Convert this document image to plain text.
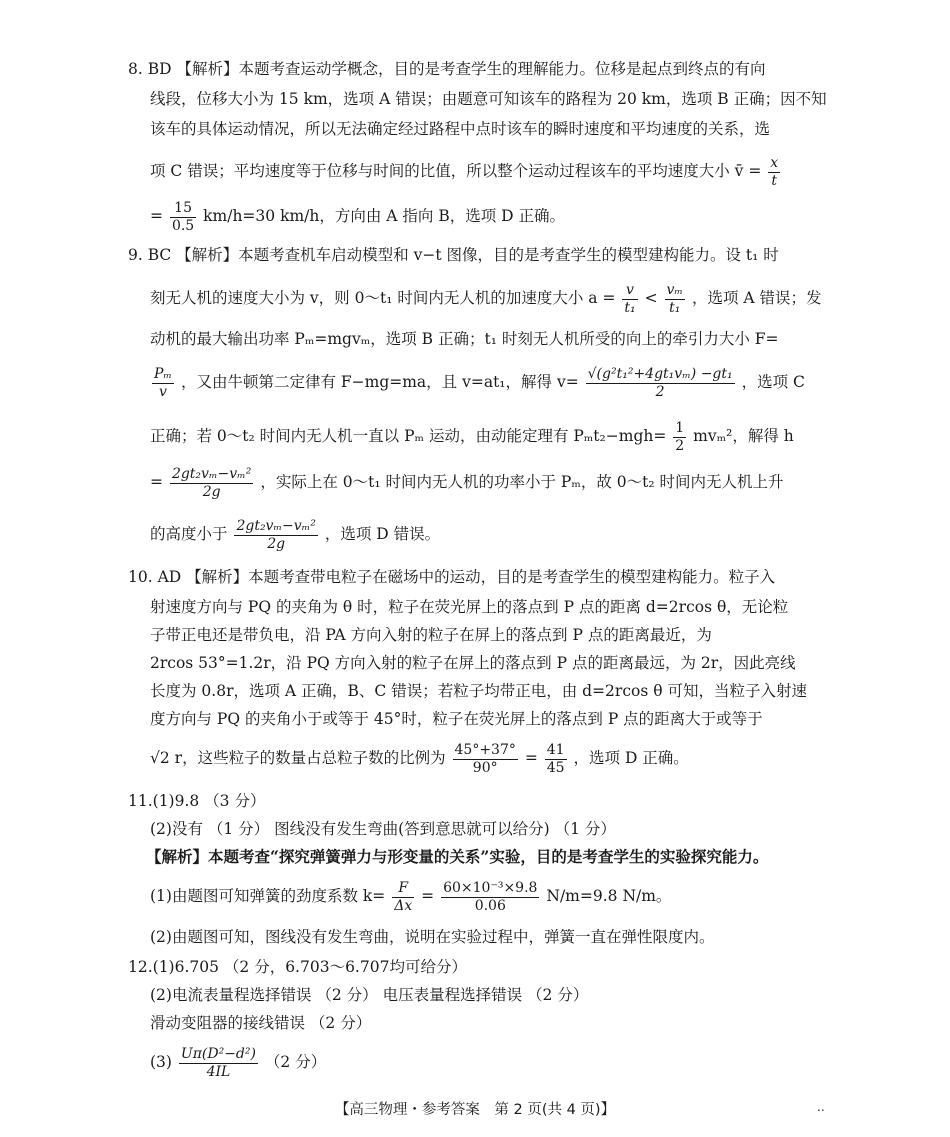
8. BD 【解析】本题考查运动学概念，目的是考查学生的理解能力。位移是起点到终点的有向
线段，位移大小为 15 km，选项 A 错误；由题意可知该车的路程为 20 km，选项 B 正确；因不知
该车的具体运动情况，所以无法确定经过路程中点时该车的瞬时速度和平均速度的关系，选
项 C 错误；平均速度等于位移与时间的比值，所以整个运动过程该车的平均速度大小 v̄ = $\frac{x}{t}$
= $\frac{15}{0.5} km/h=30$ km/h，方向由 A 指向 B，选项 D 正确。
9. BC 【解析】本题考查机车启动模型和 v−t 图像，目的是考查学生的模型建构能力。设 t₁ 时
刻无人机的速度大小为 v，则 0～t₁ 时间内无人机的加速度大小 $a = \frac{v}{\text{t₁}} < \frac{\text{vₘ}}{\text{t₁}}$ ，选项 A 错误；发
动机的最大输出功率 Pₘ=mgvₘ，选项 B 正确；t₁ 时刻无人机所受的向上的牵引力大小 F=
$\frac{\text{Pₘ}}{v}$ ，又由牛顿第二定律有 F−mg=ma，且 v=at₁，解得 $v= \frac{\text{√(g²t₁²+4gt₁vₘ) −gt₁}}{2}$ ，选项 C
正确；若 0～t₂ 时间内无人机一直以 Pₘ 运动，由动能定理有 $P_mt_2-mgh= \frac{1}{2} mv_m^2$，解得 h
= $\frac{\text{2gt₂vₘ−vₘ²}}{2g}$ ，实际上在 0～t₁ 时间内无人机的功率小于 Pₘ，故 0～t₂ 时间内无人机上升
的高度小于 $\frac{\text{2gt₂vₘ−vₘ²}}{2g}$ ，选项 D 错误。
10. AD 【解析】本题考查带电粒子在磁场中的运动，目的是考查学生的模型建构能力。粒子入
射速度方向与 PQ 的夹角为 θ 时，粒子在荧光屏上的落点到 P 点的距离 d=2rcos θ，无论粒
子带正电还是带负电，沿 PA 方向入射的粒子在屏上的落点到 P 点的距离最近，为
2rcos 53°=1.2r，沿 PQ 方向入射的粒子在屏上的落点到 P 点的距离最远，为 2r，因此亮线
长度为 0.8r，选项 A 正确，B、C 错误；若粒子均带正电，由 d=2rcos θ 可知，当粒子入射速
度方向与 PQ 的夹角小于或等于 45°时，粒子在荧光屏上的落点到 P 点的距离大于或等于
√2 r，这些粒子的数量占总粒子数的比例为 $\frac{45^\circ+37^\circ}{90^\circ} = \frac{41}{45}$ ，选项 D 正确。
11.(1)9.8 （3 分）
(2)没有 （1 分） 图线没有发生弯曲(答到意思就可以给分) （1 分）
【解析】本题考查“探究弹簧弹力与形变量的关系”实验，目的是考查学生的实验探究能力。
(1)由题图可知弹簧的劲度系数 $k= \frac{F}{\Delta x} = \frac{\text{60×10⁻³×9.8}}{0.06} N/m=9.8$ N/m。
(2)由题图可知，图线没有发生弯曲，说明在实验过程中，弹簧一直在弹性限度内。
12.(1)6.705 （2 分，6.703～6.707均可给分）
(2)电流表量程选择错误 （2 分） 电压表量程选择错误 （2 分）
滑动变阻器的接线错误 （2 分）
$(3) \frac{\text{Uπ(D²−d²)}}{4IL} (2$ 分）
【高三物理・参考答案　第 2 页(共 4 页)】	..
